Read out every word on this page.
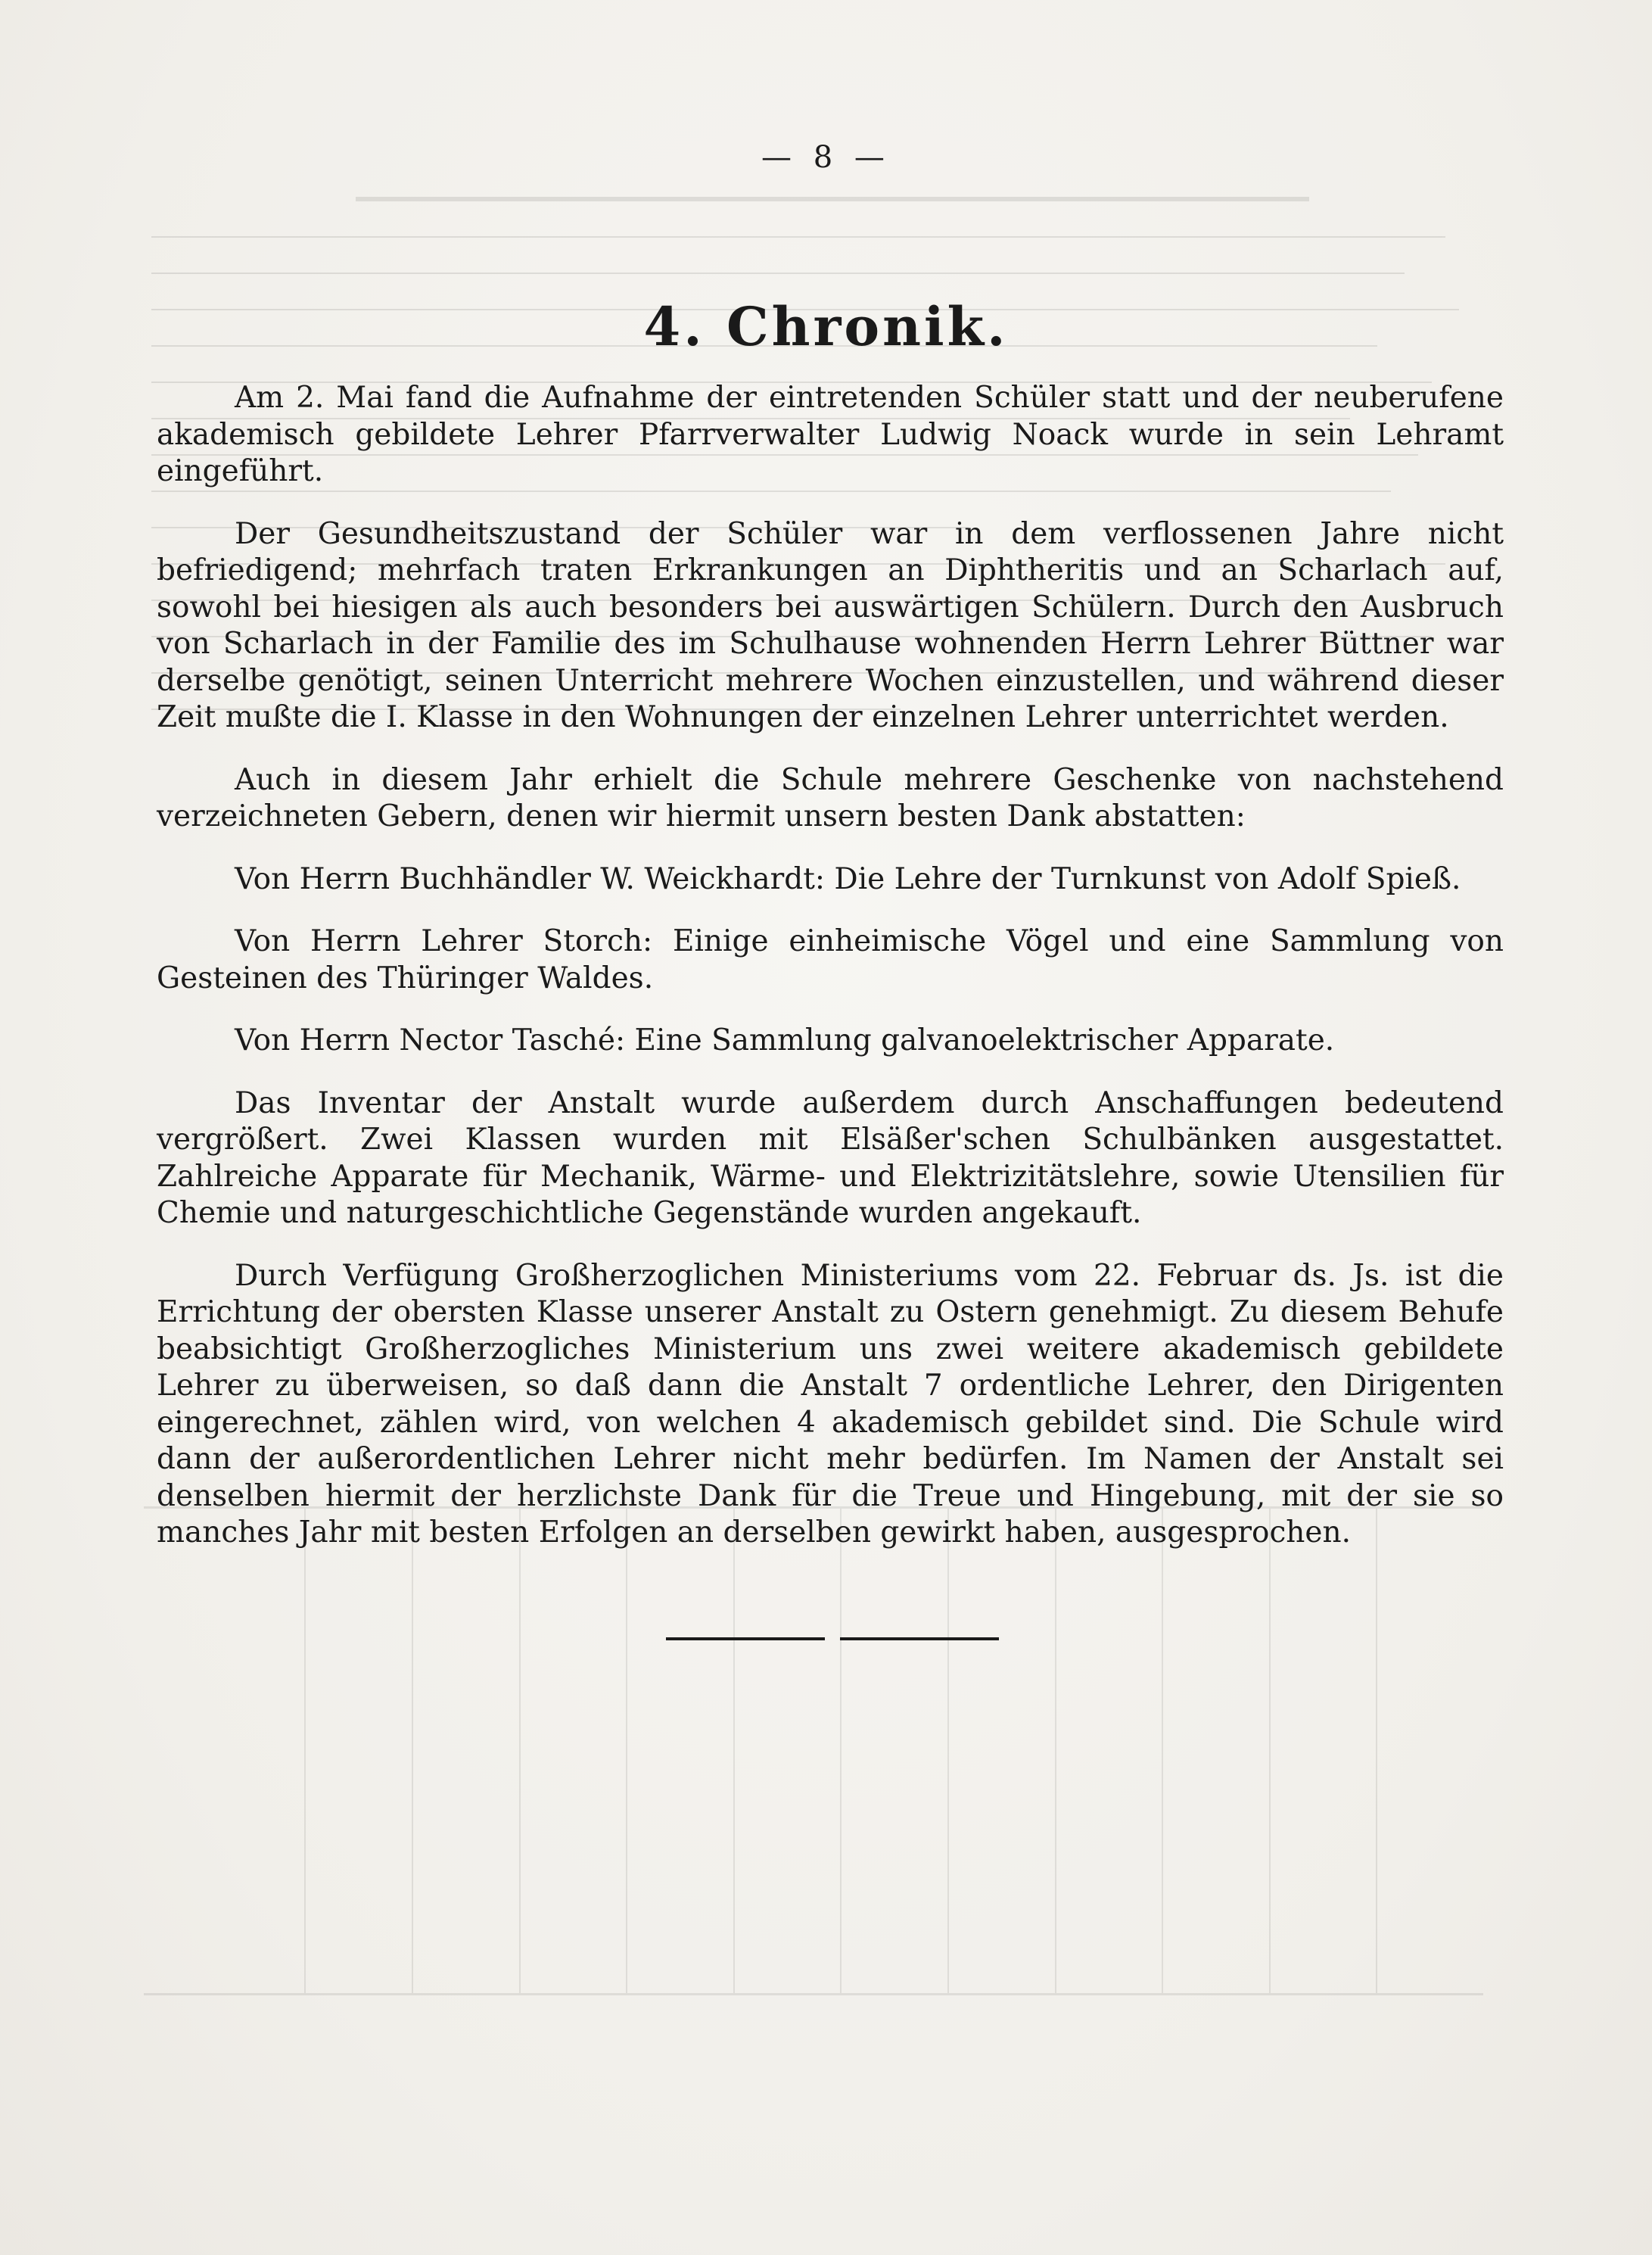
— 8 —
4. Chronik.

Am 2. Mai fand die Aufnahme der eintretenden Schüler statt und der neuberufene akademisch gebildete Lehrer Pfarrverwalter Ludwig Noack wurde in sein Lehramt eingeführt.

Der Gesundheitszustand der Schüler war in dem verflossenen Jahre nicht befriedigend; mehrfach traten Erkrankungen an Diphtheritis und an Scharlach auf, sowohl bei hiesigen als auch besonders bei auswärtigen Schülern. Durch den Ausbruch von Scharlach in der Familie des im Schulhause wohnenden Herrn Lehrer Büttner war derselbe genötigt, seinen Unterricht mehrere Wochen einzustellen, und während dieser Zeit mußte die I. Klasse in den Wohnungen der einzelnen Lehrer unterrichtet werden.

Auch in diesem Jahr erhielt die Schule mehrere Geschenke von nachstehend verzeichneten Gebern, denen wir hiermit unsern besten Dank abstatten:

Von Herrn Buchhändler W. Weickhardt: Die Lehre der Turnkunst von Adolf Spieß.

Von Herrn Lehrer Storch: Einige einheimische Vögel und eine Sammlung von Gesteinen des Thüringer Waldes.

Von Herrn Nector Tasché: Eine Sammlung galvanoelektrischer Apparate.

Das Inventar der Anstalt wurde außerdem durch Anschaffungen bedeutend vergrößert. Zwei Klassen wurden mit Elsäßer'schen Schulbänken ausgestattet. Zahlreiche Apparate für Mechanik, Wärme- und Elektrizitätslehre, sowie Utensilien für Chemie und naturgeschichtliche Gegenstände wurden angekauft.

Durch Verfügung Großherzoglichen Ministeriums vom 22. Februar ds. Js. ist die Errichtung der obersten Klasse unserer Anstalt zu Ostern genehmigt. Zu diesem Behufe beabsichtigt Großherzogliches Ministerium uns zwei weitere akademisch gebildete Lehrer zu überweisen, so daß dann die Anstalt 7 ordentliche Lehrer, den Dirigenten eingerechnet, zählen wird, von welchen 4 akademisch gebildet sind. Die Schule wird dann der außerordentlichen Lehrer nicht mehr bedürfen. Im Namen der Anstalt sei denselben hiermit der herzlichste Dank für die Treue und Hingebung, mit der sie so manches Jahr mit besten Erfolgen an derselben gewirkt haben, ausgesprochen.
